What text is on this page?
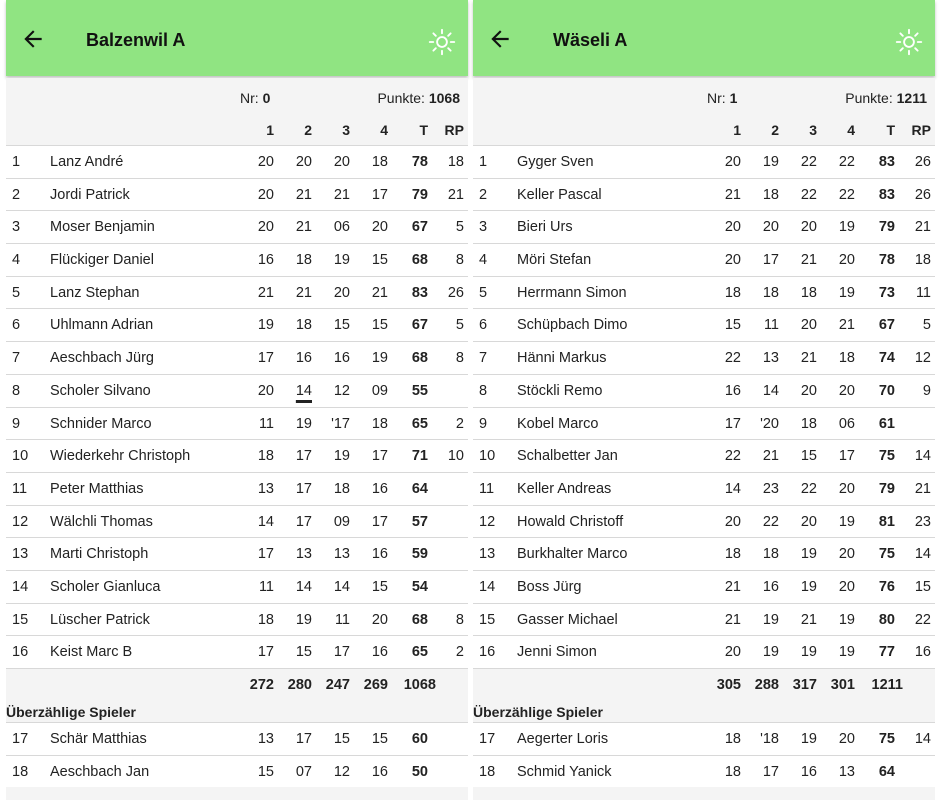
Balzenwil A
Nr: 0	Punkte: 1068
1	2	3	4	T	RP
1 Lanz André	20	20	20	18	78	18
2 Jordi Patrick	20	21	21	17	79	21
3 Moser Benjamin	20	21	06	20	67	5
4 Flückiger Daniel	16	18	19	15	68	8
5 Lanz Stephan	21	21	20	21	83	26
6 Uhlmann Adrian	19	18	15	15	67	5
7 Aeschbach Jürg	17	16	16	19	68	8
8 Scholer Silvano	20	14	12	09	55
9 Schnider Marco	11	19	'17	18	65	2
10 Wiederkehr Christoph	18	17	19	17	71	10
11 Peter Matthias	13	17	18	16	64
12 Wälchli Thomas	14	17	09	17	57
13 Marti Christoph	17	13	13	16	59
14 Scholer Gianluca	11	14	14	15	54
15 Lüscher Patrick	18	19	11	20	68	8
16 Keist Marc B	17	15	17	16	65	2
272 280 247 269	1068
Überzählige Spieler
17 Schär Matthias	13	17	15	15	60
18 Aeschbach Jan	15	07	12	16	50
Wäseli A
Nr: 1	Punkte: 1211
1	2	3	4	T	RP
1 Gyger Sven	20	19	22	22	83	26
2 Keller Pascal	21	18	22	22	83	26
3 Bieri Urs	20	20	20	19	79	21
4 Möri Stefan	20	17	21	20	78	18
5 Herrmann Simon	18	18	18	19	73	11
6 Schüpbach Dimo	15	11	20	21	67	5
7 Hänni Markus	22	13	21	18	74	12
8 Stöckli Remo	16	14	20	20	70	9
9 Kobel Marco	17	'20	18	06	61
10 Schalbetter Jan	22	21	15	17	75	14
11 Keller Andreas	14	23	22	20	79	21
12 Howald Christoff	20	22	20	19	81	23
13 Burkhalter Marco	18	18	19	20	75	14
14 Boss Jürg	21	16	19	20	76	15
15 Gasser Michael	21	19	21	19	80	22
16 Jenni Simon	20	19	19	19	77	16
305 288 317 301	1211
Überzählige Spieler
17 Aegerter Loris	18	'18	19	20	75	14
18 Schmid Yanick	18	17	16	13	64
